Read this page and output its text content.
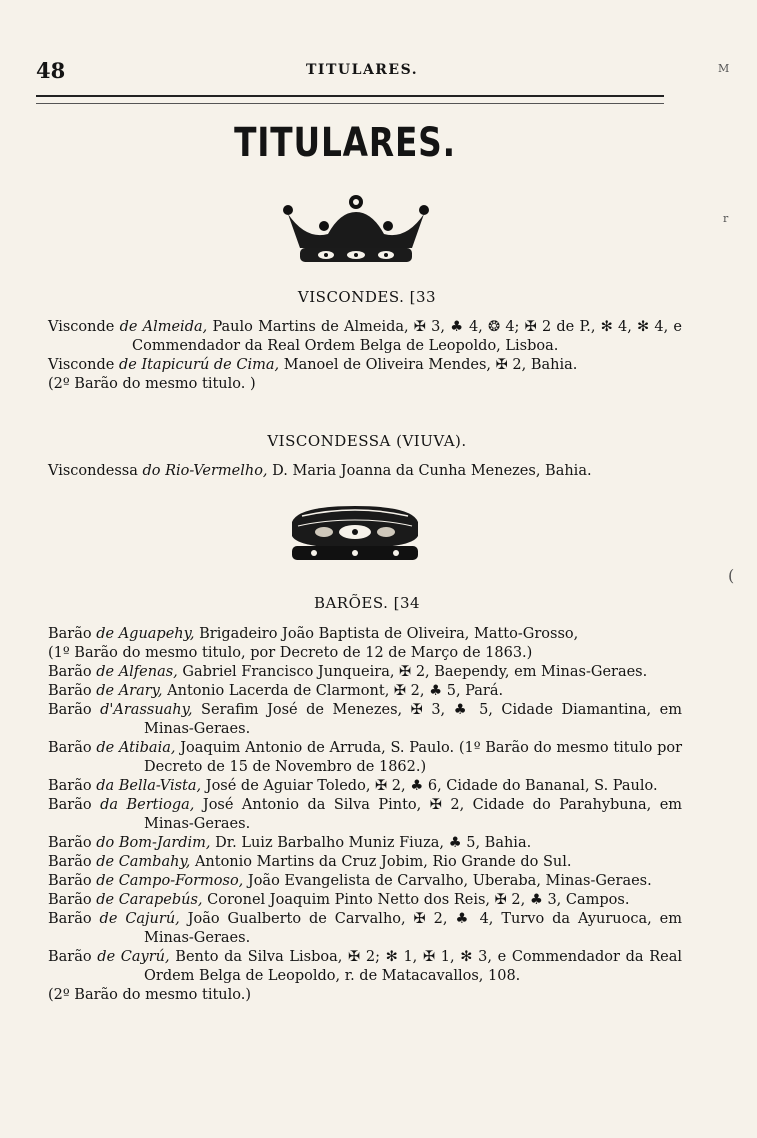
48	TITULARES.	M
r
(
TITULARES.
VISCONDES. [33
Visconde de Almeida, Paulo Martins de Almeida, ✠ 3, ♣ 4, ❂ 4; ✠ 2 de P., ✻ 4, ✻ 4, e Commendador da Real Ordem Belga de Leopoldo, Lisboa.
Visconde de Itapicurú de Cima, Manoel de Oliveira Mendes, ✠ 2, Bahia.
(2º Barão do mesmo titulo. )
VISCONDESSA (VIUVA).
Viscondessa do Rio-Vermelho, D. Maria Joanna da Cunha Menezes, Bahia.
BARÕES. [34
Barão de Aguapehy, Brigadeiro João Baptista de Oliveira, Matto-Grosso,
(1º Barão do mesmo titulo, por Decreto de 12 de Março de 1863.)
Barão de Alfenas, Gabriel Francisco Junqueira, ✠ 2, Baependy, em Minas-Geraes.
Barão de Arary, Antonio Lacerda de Clarmont, ✠ 2, ♣ 5, Pará.
Barão d'Arassuahy, Serafim José de Menezes, ✠ 3, ♣ 5, Cidade Diamantina, em Minas-Geraes.
Barão de Atibaia, Joaquim Antonio de Arruda, S. Paulo. (1º Barão do mesmo titulo por Decreto de 15 de Novembro de 1862.)
Barão da Bella-Vista, José de Aguiar Toledo, ✠ 2, ♣ 6, Cidade do Bananal, S. Paulo.
Barão da Bertioga, José Antonio da Silva Pinto, ✠ 2, Cidade do Parahybuna, em Minas-Geraes.
Barão do Bom-Jardim, Dr. Luiz Barbalho Muniz Fiuza, ♣ 5, Bahia.
Barão de Cambahy, Antonio Martins da Cruz Jobim, Rio Grande do Sul.
Barão de Campo-Formoso, João Evangelista de Carvalho, Uberaba, Minas-Geraes.
Barão de Carapebús, Coronel Joaquim Pinto Netto dos Reis, ✠ 2, ♣ 3, Campos.
Barão de Cajurú, João Gualberto de Carvalho, ✠ 2, ♣ 4, Turvo da Ayuruoca, em Minas-Geraes.
Barão de Cayrú, Bento da Silva Lisboa, ✠ 2; ✻ 1, ✠ 1, ✻ 3, e Commendador da Real Ordem Belga de Leopoldo, r. de Matacavallos, 108.
(2º Barão do mesmo titulo.)
